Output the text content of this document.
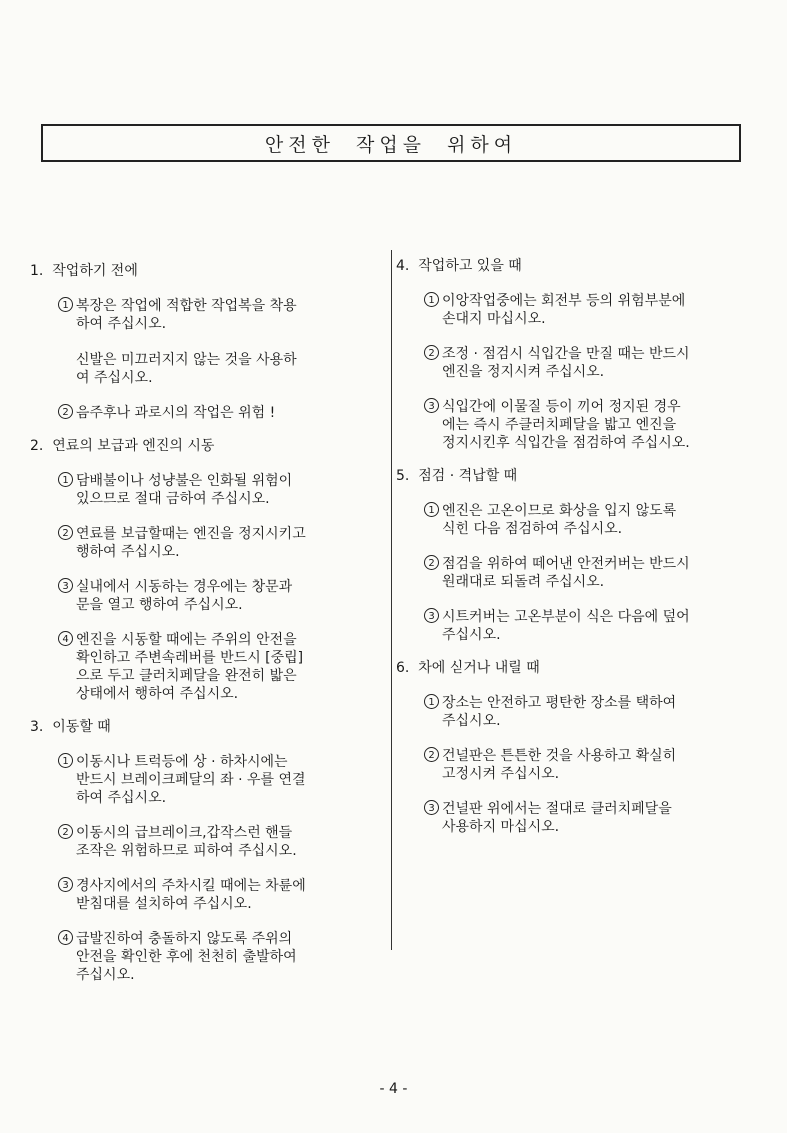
안전한 작업을 위하여
1. 작업하기 전에
1 복장은 작업에 적합한 작업복을 착용
하여 주십시오.
신발은 미끄러지지 않는 것을 사용하
여 주십시오.
2 음주후나 과로시의 작업은 위험 !
2. 연료의 보급과 엔진의 시동
1 담배불이나 성냥불은 인화될 위험이
있으므로 절대 금하여 주십시오.
2 연료를 보급할때는 엔진을 정지시키고
행하여 주십시오.
3 실내에서 시동하는 경우에는 창문과
문을 열고 행하여 주십시오.
4 엔진을 시동할 때에는 주위의 안전을
확인하고 주변속레버를 반드시 [중립]
으로 두고 클러치페달을 완전히 밟은
상태에서 행하여 주십시오.
3. 이동할 때
1 이동시나 트럭등에 상 · 하차시에는
반드시 브레이크페달의 좌 · 우를 연결
하여 주십시오.
2 이동시의 급브레이크,갑작스런 핸들
조작은 위험하므로 피하여 주십시오.
3 경사지에서의 주차시킬 때에는 차륜에
받침대를 설치하여 주십시오.
4 급발진하여 충돌하지 않도록 주위의
안전을 확인한 후에 천천히 출발하여
주십시오.
4. 작업하고 있을 때
1 이앙작업중에는 회전부 등의 위험부분에
손대지 마십시오.
2 조정 · 점검시 식입간을 만질 때는 반드시
엔진을 정지시켜 주십시오.
3 식입간에 이물질 등이 끼어 정지된 경우
에는 즉시 주클러치페달을 밟고 엔진을
정지시킨후 식입간을 점검하여 주십시오.
5. 점검 · 격납할 때
1 엔진은 고온이므로 화상을 입지 않도록
식힌 다음 점검하여 주십시오.
2 점검을 위하여 떼어낸 안전커버는 반드시
원래대로 되돌려 주십시오.
3 시트커버는 고온부분이 식은 다음에 덮어
주십시오.
6. 차에 싣거나 내릴 때
1 장소는 안전하고 평탄한 장소를 택하여
주십시오.
2 건널판은 튼튼한 것을 사용하고 확실히
고정시켜 주십시오.
3 건널판 위에서는 절대로 클러치페달을
사용하지 마십시오.
- 4 -
